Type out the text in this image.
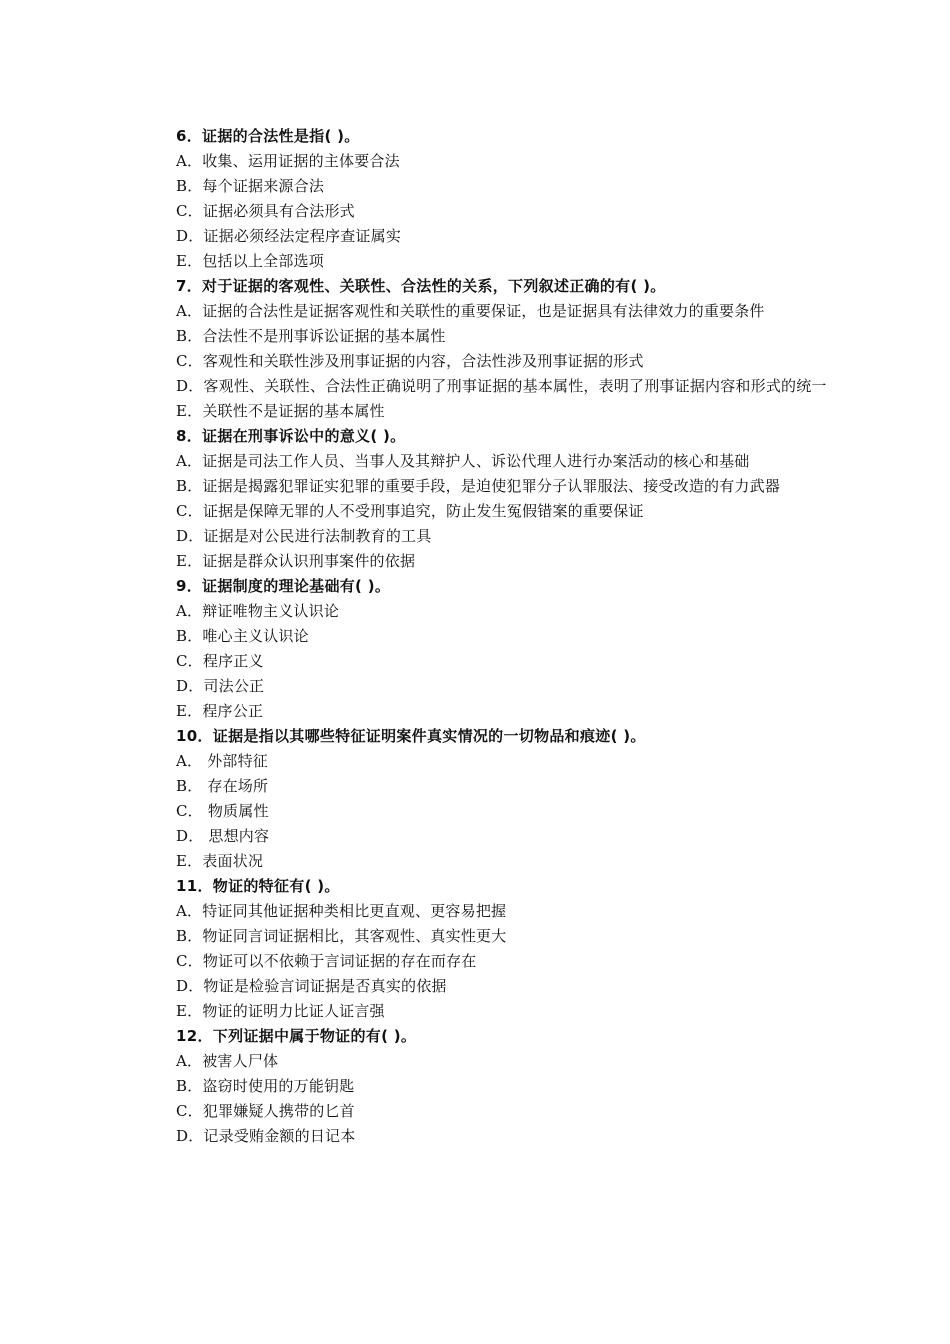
6．证据的合法性是指( )。
A．收集、运用证据的主体要合法
B．每个证据来源合法
C．证据必须具有合法形式
D．证据必须经法定程序查证属实
E．包括以上全部选项
7．对于证据的客观性、关联性、合法性的关系，下列叙述正确的有( )。
A．证据的合法性是证据客观性和关联性的重要保证，也是证据具有法律效力的重要条件
B．合法性不是刑事诉讼证据的基本属性
C．客观性和关联性涉及刑事证据的内容，合法性涉及刑事证据的形式
D．客观性、关联性、合法性正确说明了刑事证据的基本属性，表明了刑事证据内容和形式的统一
E．关联性不是证据的基本属性
8．证据在刑事诉讼中的意义( )。
A．证据是司法工作人员、当事人及其辩护人、诉讼代理人进行办案活动的核心和基础
B．证据是揭露犯罪证实犯罪的重要手段，是迫使犯罪分子认罪服法、接受改造的有力武器
C．证据是保障无罪的人不受刑事追究，防止发生冤假错案的重要保证
D．证据是对公民进行法制教育的工具
E．证据是群众认识刑事案件的依据
9．证据制度的理论基础有( )。
A．辩证唯物主义认识论
B．唯心主义认识论
C．程序正义
D．司法公正
E．程序公正
10．证据是指以其哪些特征证明案件真实情况的一切物品和痕迹( )。
A． 外部特征
B． 存在场所
C． 物质属性
D． 思想内容
E．表面状况
11．物证的特征有( )。
A．特证同其他证据种类相比更直观、更容易把握
B．物证同言词证据相比，其客观性、真实性更大
C．物证可以不依赖于言词证据的存在而存在
D．物证是检验言词证据是否真实的依据
E．物证的证明力比证人证言强
12．下列证据中属于物证的有( )。
A．被害人尸体
B．盗窃时使用的万能钥匙
C．犯罪嫌疑人携带的匕首
D．记录受贿金额的日记本
